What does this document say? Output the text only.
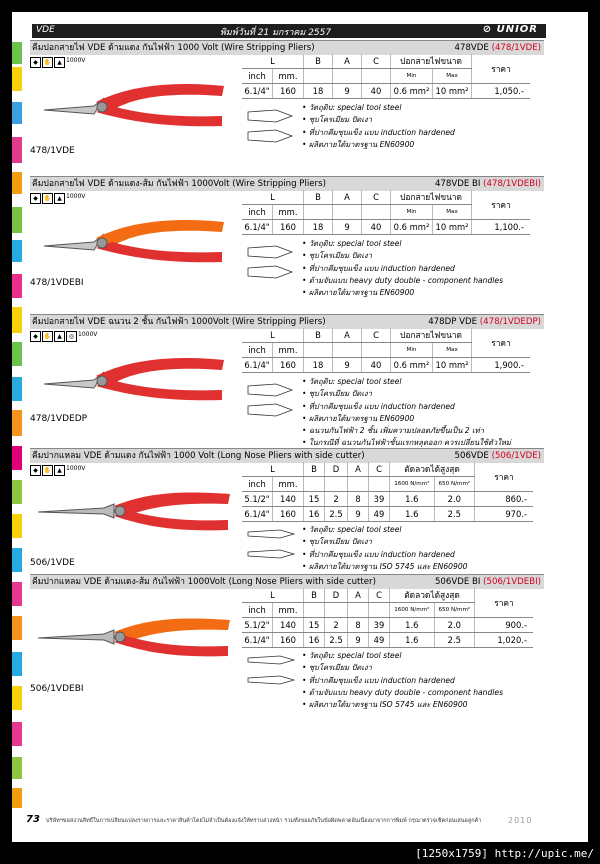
VDE	พิมพ์วันที่ 21 มกราคม 2557	⊘ UNIOR
คีมปอกสายไฟ VDE ด้ามแดง กันไฟฟ้า 1000 Volt (Wire Stripping Pliers)	478VDE (478/1VDE)
◆ ✋ ▲ 1000V
478/1VDE
L		B	A	C	ปอกสายไฟขนาด		ราคา
inch	mm.				Min	Max	
6.1/4"	160	18	9	40	0.6 mm²	10 mm²	1,050.-
• วัตถุดิบ: special tool steel
• ชุบโครเมียม ปัดเงา
• ที่ปากคีมชุบแข็ง แบบ induction hardened
• ผลิตภายใต้มาตรฐาน EN60900
คีมปอกสายไฟ VDE ด้ามแดง-ส้ม กันไฟฟ้า 1000Volt (Wire Stripping Pliers)	478VDE BI (478/1VDEBI)
◆ ✋ ▲ 1000V
478/1VDEBI
L		B	A	C	ปอกสายไฟขนาด		ราคา
inch	mm.				Min	Max	
6.1/4"	160	18	9	40	0.6 mm²	10 mm²	1,100.-
• วัตถุดิบ: special tool steel
• ชุบโครเมียม ปัดเงา
• ที่ปากคีมชุบแข็ง แบบ induction hardened
• ด้ามจับแบบ heavy duty double - component handles
• ผลิตภายใต้มาตรฐาน EN60900
คีมปอกสายไฟ VDE ฉนวน 2 ชั้น กันไฟฟ้า 1000Volt (Wire Stripping Pliers)	478DP VDE (478/1VDEDP)
◆ ✋ ▲ ◎ 1000V
478/1VDEDP
L		B	A	C	ปอกสายไฟขนาด		ราคา
inch	mm.				Min	Max	
6.1/4"	160	18	9	40	0.6 mm²	10 mm²	1,900.-
• วัตถุดิบ: special tool steel
• ชุบโครเมียม ปัดเงา
• ที่ปากคีมชุบแข็ง แบบ induction hardened
• ผลิตภายใต้มาตรฐาน EN60900
• ฉนวนกันไฟฟ้า 2 ชั้น เพิ่มความปลอดภัยขึ้นเป็น 2 เท่า
• ในกรณีที่ ฉนวนกันไฟฟ้าชั้นแรกหลุดออก ควรเปลี่ยนใช้ตัวใหม่
คีมปากแหลม VDE ด้ามแดง กันไฟฟ้า 1000 Volt (Long Nose Pliers with side cutter)	506VDE (506/1VDE)
◆ ✋ ▲ 1000V
506/1VDE
L		B	D	A	C	ตัดลวดได้สูงสุด		ราคา
inch	mm.					1600 N/mm²	650 N/mm²	
5.1/2"	140	15	2	8	39	1.6	2.0	860.-
6.1/4"	160	16	2.5	9	49	1.6	2.5	970.-
• วัตถุดิบ: special tool steel
• ชุบโครเมียม ปัดเงา
• ที่ปากคีมชุบแข็ง แบบ induction hardened
• ผลิตภายใต้มาตรฐาน ISO 5745 และ EN60900
คีมปากแหลม VDE ด้ามแดง-ส้ม กันไฟฟ้า 1000Volt (Long Nose Pliers with side cutter)	506VDE BI (506/1VDEBI)
506/1VDEBI
L		B	D	A	C	ตัดลวดได้สูงสุด		ราคา
inch	mm.					1600 N/mm²	650 N/mm²	
5.1/2"	140	15	2	8	39	1.6	2.0	900.-
6.1/4"	160	16	2.5	9	49	1.6	2.5	1,020.-
• วัตถุดิบ: special tool steel
• ชุบโครเมียม ปัดเงา
• ที่ปากคีมชุบแข็ง แบบ induction hardened
• ด้ามจับแบบ heavy duty double - component handles
• ผลิตภายใต้มาตรฐาน ISO 5745 และ EN60900
73 บริษัทฯขอสงวนสิทธิ์ในการเปลี่ยนแปลงรายการและราคาสินค้าโดยไม่จำเป็นต้องแจ้งให้ทราบล่วงหน้า รวมทั้งขออภัยในข้อผิดพลาดอันเนื่องมาจากการพิมพ์ กรุณาตรวจเช็คก่อนเสนอลูกค้า	2010
[1250x1759] http://upic.me/
